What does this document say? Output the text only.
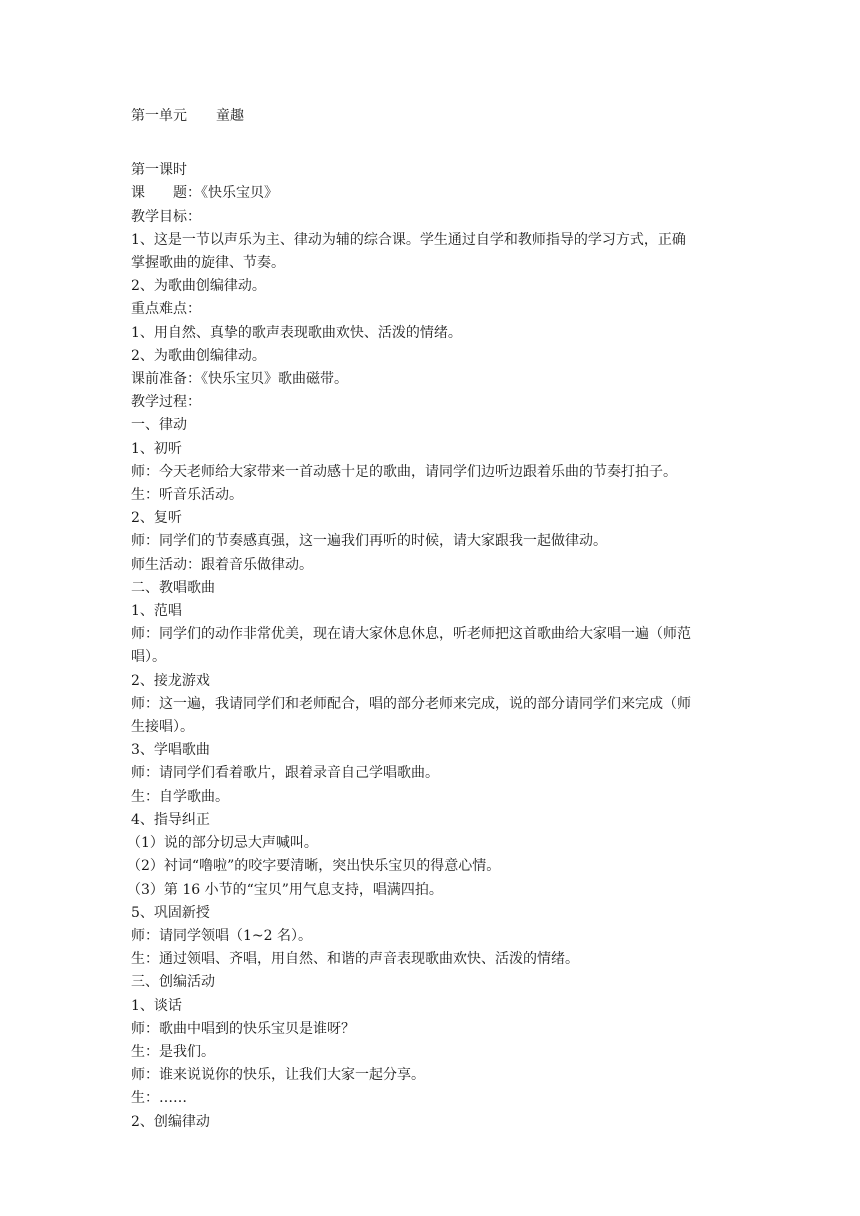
第一单元	童趣

第一课时

课　　题：《快乐宝贝》

教学目标：

1、这是一节以声乐为主、律动为辅的综合课。学生通过自学和教师指导的学习方式，正确

掌握歌曲的旋律、节奏。

2、为歌曲创编律动。

重点难点：

1、用自然、真挚的歌声表现歌曲欢快、活泼的情绪。

2、为歌曲创编律动。

课前准备：《快乐宝贝》歌曲磁带。

教学过程：

一、律动

1、初听

师：今天老师给大家带来一首动感十足的歌曲，请同学们边听边跟着乐曲的节奏打拍子。

生：听音乐活动。

2、复听

师：同学们的节奏感真强，这一遍我们再听的时候，请大家跟我一起做律动。

师生活动：跟着音乐做律动。

二、教唱歌曲

1、范唱

师：同学们的动作非常优美，现在请大家休息休息，听老师把这首歌曲给大家唱一遍（师范

唱）。

2、接龙游戏

师：这一遍，我请同学们和老师配合，唱的部分老师来完成，说的部分请同学们来完成（师

生接唱）。

3、学唱歌曲

师：请同学们看着歌片，跟着录音自己学唱歌曲。

生：自学歌曲。

4、指导纠正

（1）说的部分切忌大声喊叫。

（2）衬词“噜啦”的咬字要清晰，突出快乐宝贝的得意心情。

（3）第 16 小节的“宝贝”用气息支持，唱满四拍。

5、巩固新授

师：请同学领唱（1~2 名）。

生：通过领唱、齐唱，用自然、和谐的声音表现歌曲欢快、活泼的情绪。

三、创编活动

1、谈话

师：歌曲中唱到的快乐宝贝是谁呀？

生：是我们。

师：谁来说说你的快乐，让我们大家一起分享。

生：……

2、创编律动
